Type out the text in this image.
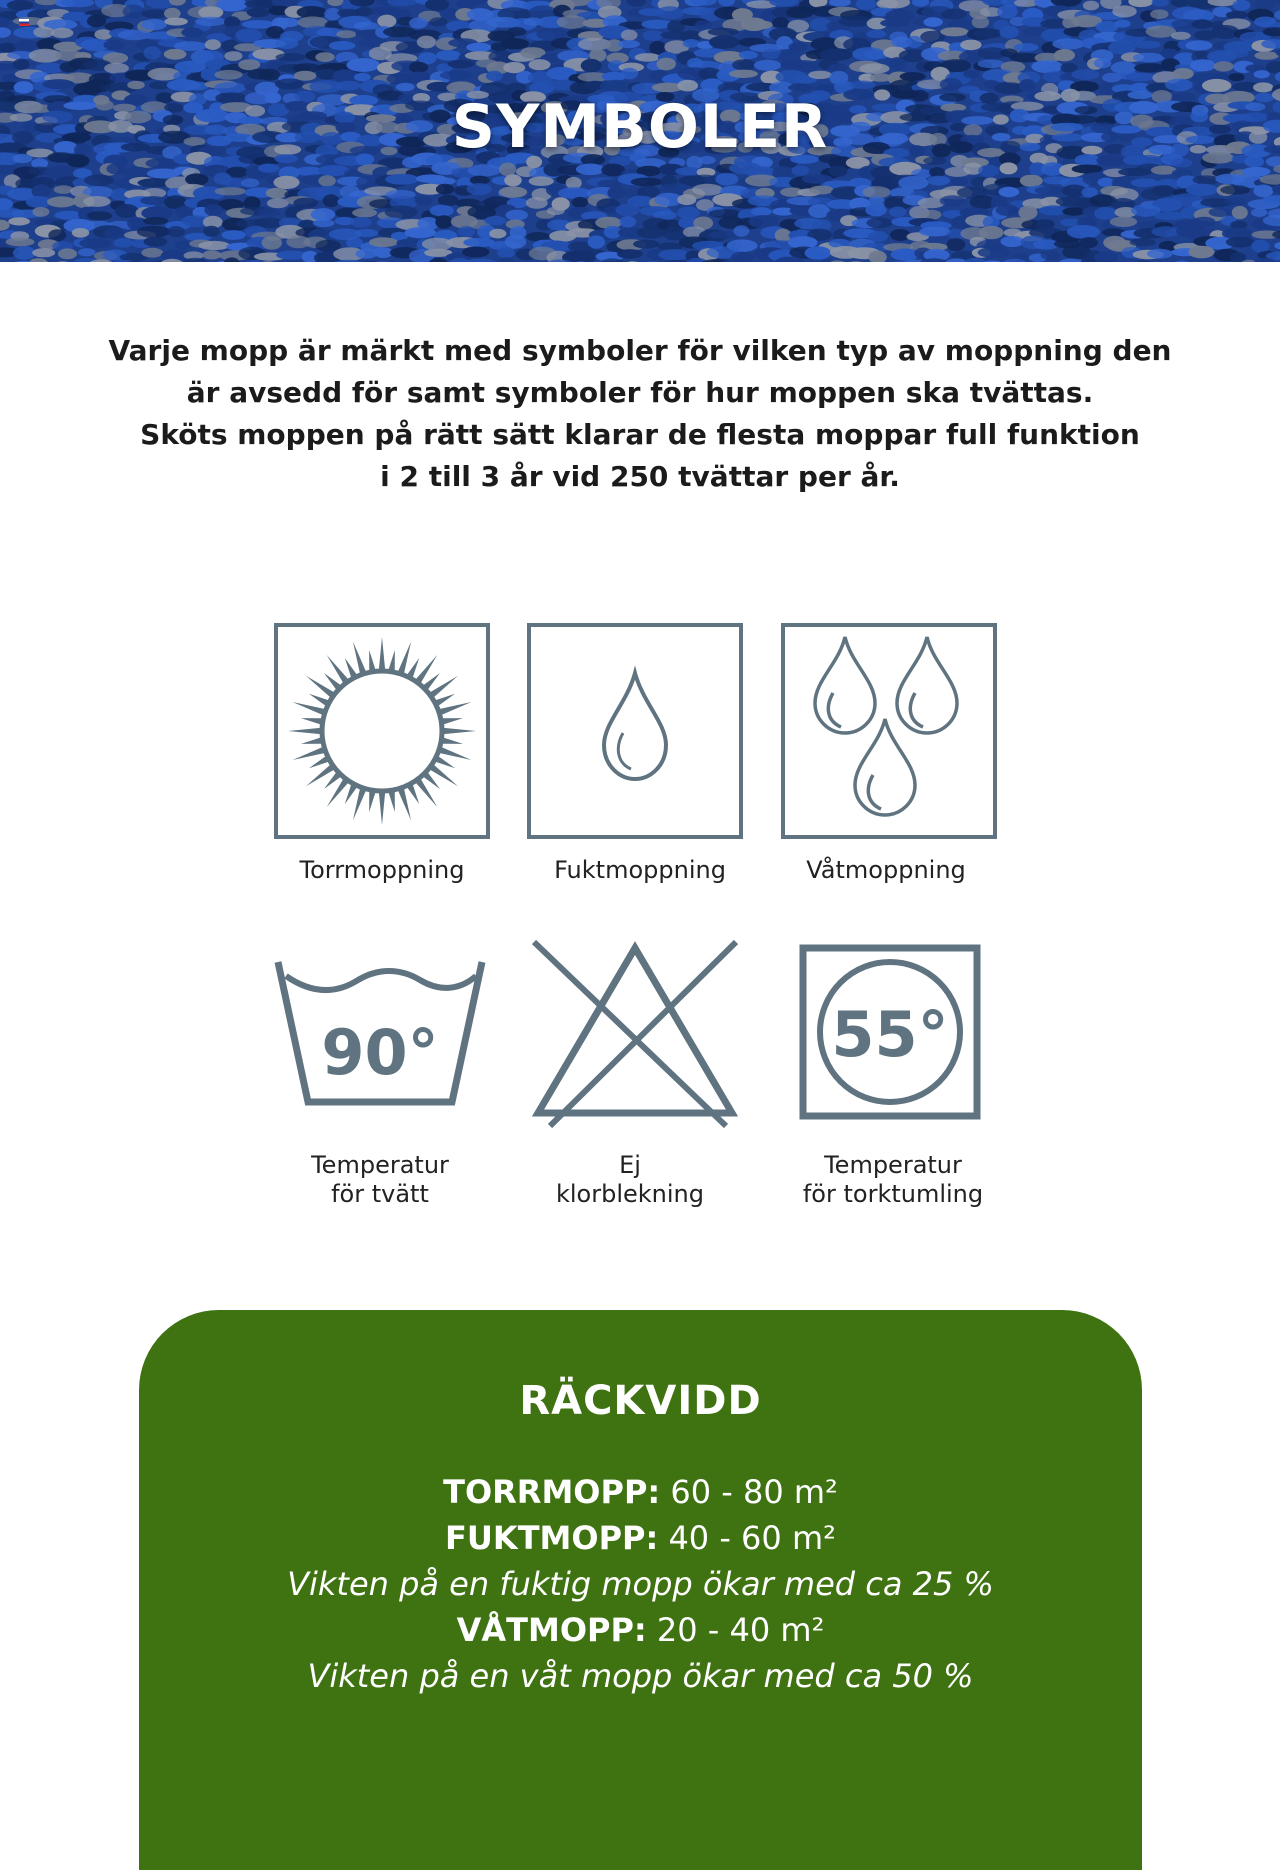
SYMBOLER
Varje mopp är märkt med symboler för vilken typ av moppning den
är avsedd för samt symboler för hur moppen ska tvättas.
Sköts moppen på rätt sätt klarar de flesta moppar full funktion
i 2 till 3 år vid 250 tvättar per år.
Torrmoppning	Fuktmoppning	Våtmoppning
90°
Temperatur
för tvätt
Ej
klorblekning
55°
Temperatur
för torktumling
RÄCKVIDD
TORRMOPP: 60 - 80 m²
FUKTMOPP: 40 - 60 m²
Vikten på en fuktig mopp ökar med ca 25 %
VÅTMOPP: 20 - 40 m²
Vikten på en våt mopp ökar med ca 50 %
